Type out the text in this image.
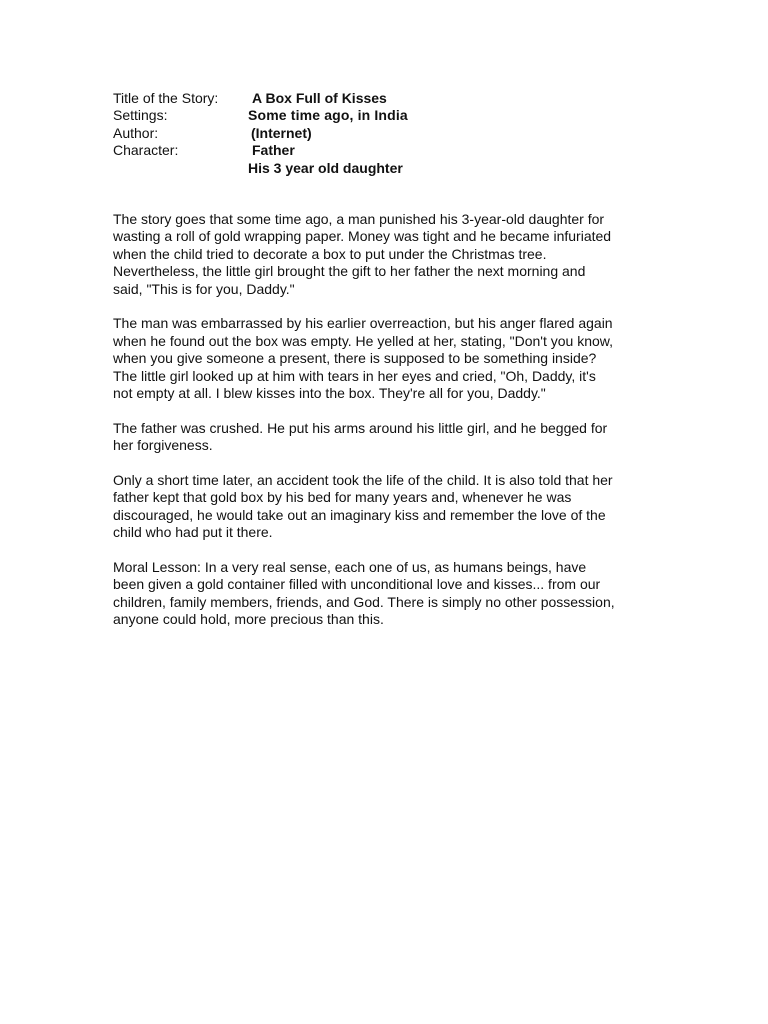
Title of the Story:	A Box Full of Kisses
Settings:	Some time ago, in India
Author:	(Internet)
Character:	Father
His 3 year old daughter

The story goes that some time ago, a man punished his 3-year-old daughter for
wasting a roll of gold wrapping paper. Money was tight and he became infuriated
when the child tried to decorate a box to put under the Christmas tree.
Nevertheless, the little girl brought the gift to her father the next morning and
said, "This is for you, Daddy."

The man was embarrassed by his earlier overreaction, but his anger flared again
when he found out the box was empty. He yelled at her, stating, "Don't you know,
when you give someone a present, there is supposed to be something inside?
The little girl looked up at him with tears in her eyes and cried, "Oh, Daddy, it's
not empty at all. I blew kisses into the box. They're all for you, Daddy."

The father was crushed. He put his arms around his little girl, and he begged for
her forgiveness.

Only a short time later, an accident took the life of the child. It is also told that her
father kept that gold box by his bed for many years and, whenever he was
discouraged, he would take out an imaginary kiss and remember the love of the
child who had put it there.

Moral Lesson: In a very real sense, each one of us, as humans beings, have
been given a gold container filled with unconditional love and kisses... from our
children, family members, friends, and God. There is simply no other possession,
anyone could hold, more precious than this.
